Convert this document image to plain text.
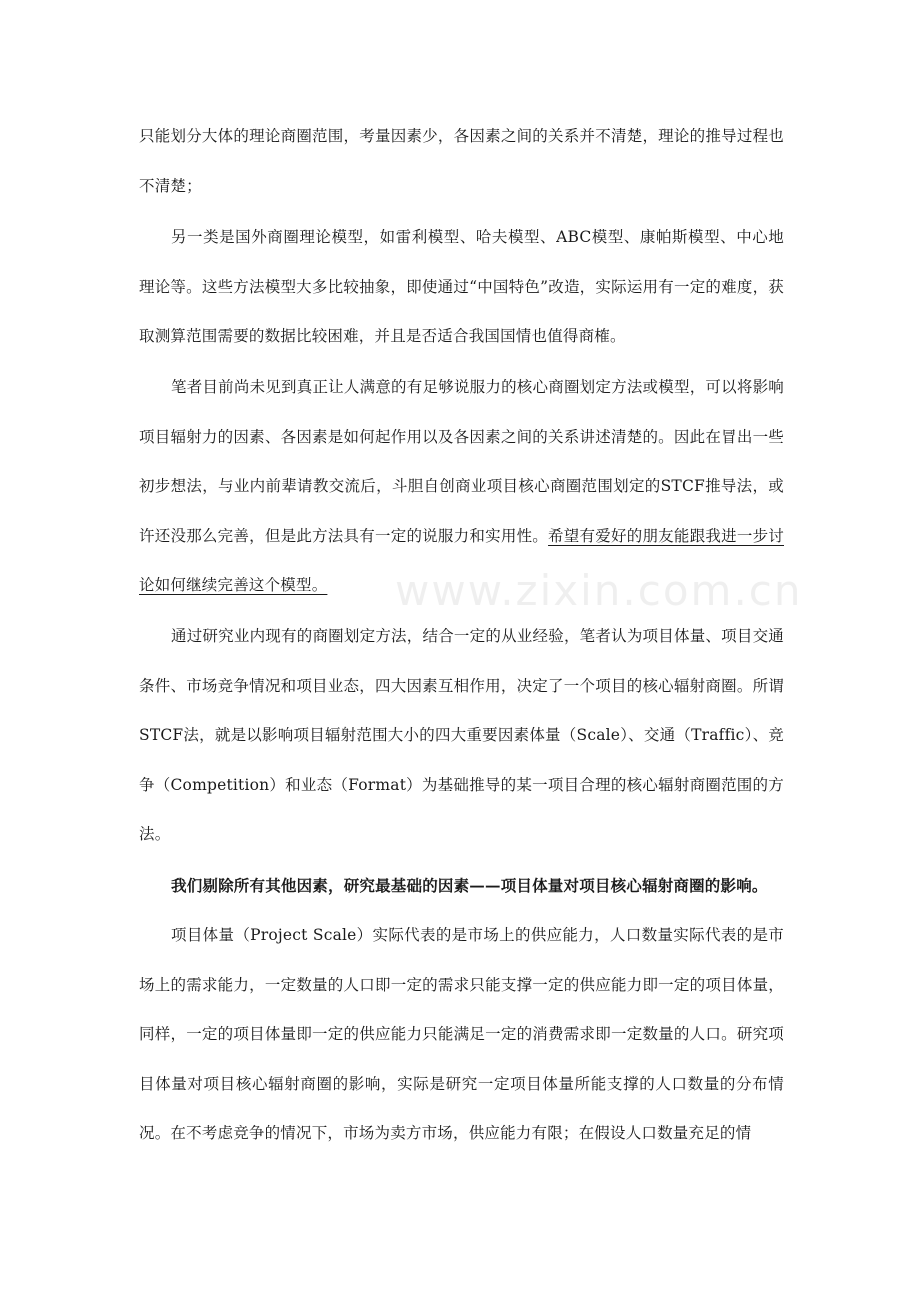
只能划分大体的理论商圈范围，考量因素少，各因素之间的关系并不清楚，理论的推导过程也不清楚；

另一类是国外商圈理论模型，如雷利模型、哈夫模型、ABC模型、康帕斯模型、中心地理论等。这些方法模型大多比较抽象，即使通过“中国特色”改造，实际运用有一定的难度，获取测算范围需要的数据比较困难，并且是否适合我国国情也值得商榷。

笔者目前尚未见到真正让人满意的有足够说服力的核心商圈划定方法或模型，可以将影响项目辐射力的因素、各因素是如何起作用以及各因素之间的关系讲述清楚的。因此在冒出一些初步想法，与业内前辈请教交流后，斗胆自创商业项目核心商圈范围划定的STCF推导法，或许还没那么完善，但是此方法具有一定的说服力和实用性。希望有爱好的朋友能跟我进一步讨论如何继续完善这个模型。

通过研究业内现有的商圈划定方法，结合一定的从业经验，笔者认为项目体量、项目交通条件、市场竞争情况和项目业态，四大因素互相作用，决定了一个项目的核心辐射商圈。所谓STCF法，就是以影响项目辐射范围大小的四大重要因素体量（Scale）、交通（Traffic）、竞争（Competition）和业态（Format）为基础推导的某一项目合理的核心辐射商圈范围的方法。

我们剔除所有其他因素，研究最基础的因素——项目体量对项目核心辐射商圈的影响。

项目体量（Project Scale）实际代表的是市场上的供应能力，人口数量实际代表的是市场上的需求能力，一定数量的人口即一定的需求只能支撑一定的供应能力即一定的项目体量，同样，一定的项目体量即一定的供应能力只能满足一定的消费需求即一定数量的人口。研究项目体量对项目核心辐射商圈的影响，实际是研究一定项目体量所能支撑的人口数量的分布情况。在不考虑竞争的情况下，市场为卖方市场，供应能力有限；在假设人口数量充足的情

www.zixin.com.cn
